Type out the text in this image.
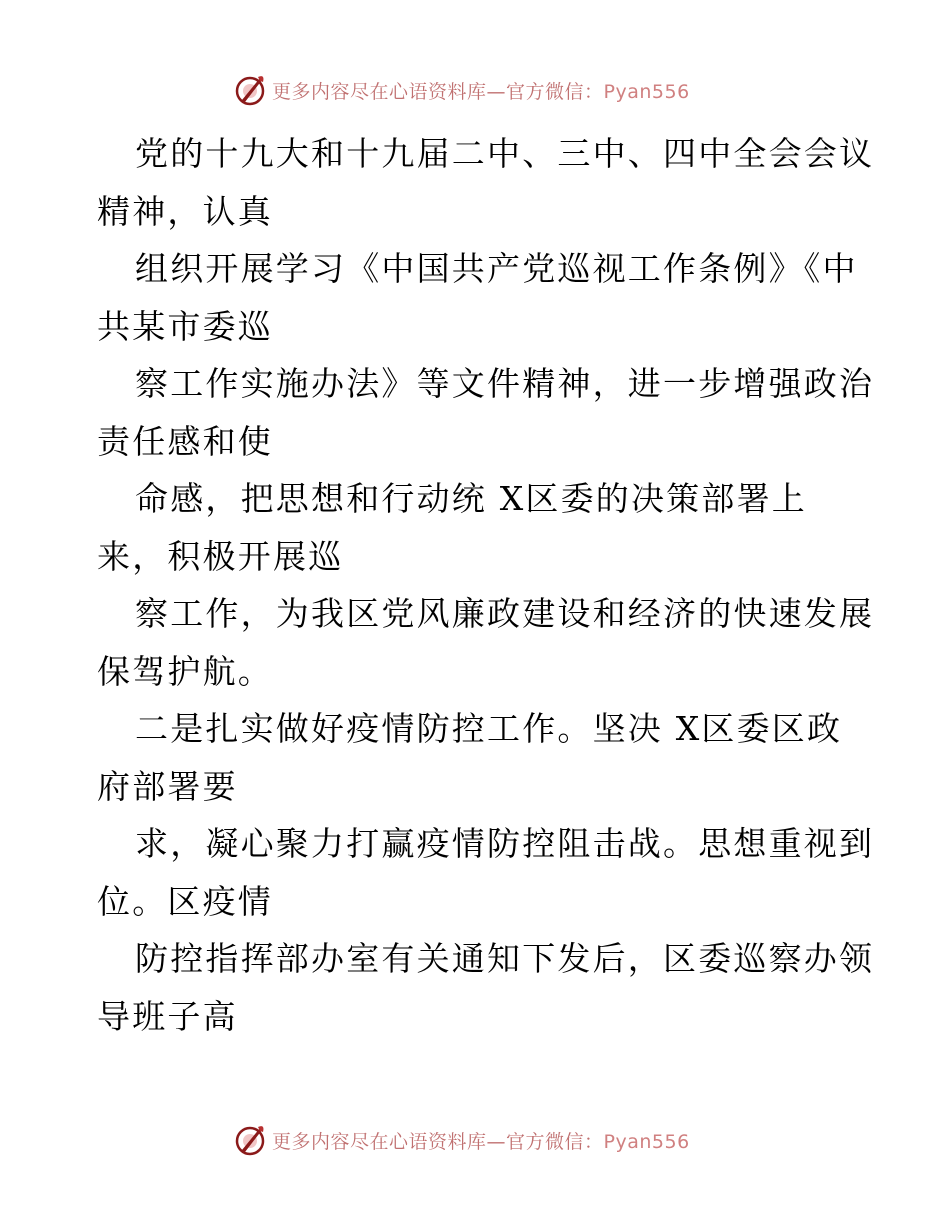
更多内容尽在心语资料库—官方微信：Pyan556
党的十九大和十九届二中、三中、四中全会会议
精神，认真
组织开展学习《中国共产党巡视工作条例》《中
共某市委巡
察工作实施办法》等文件精神，进一步增强政治
责任感和使
命感，把思想和行动统 X区委的决策部署上
来，积极开展巡
察工作，为我区党风廉政建设和经济的快速发展
保驾护航。
二是扎实做好疫情防控工作。坚决 X区委区政
府部署要
求，凝心聚力打赢疫情防控阻击战。思想重视到
位。区疫情
防控指挥部办室有关通知下发后，区委巡察办领
导班子高
更多内容尽在心语资料库—官方微信：Pyan556
